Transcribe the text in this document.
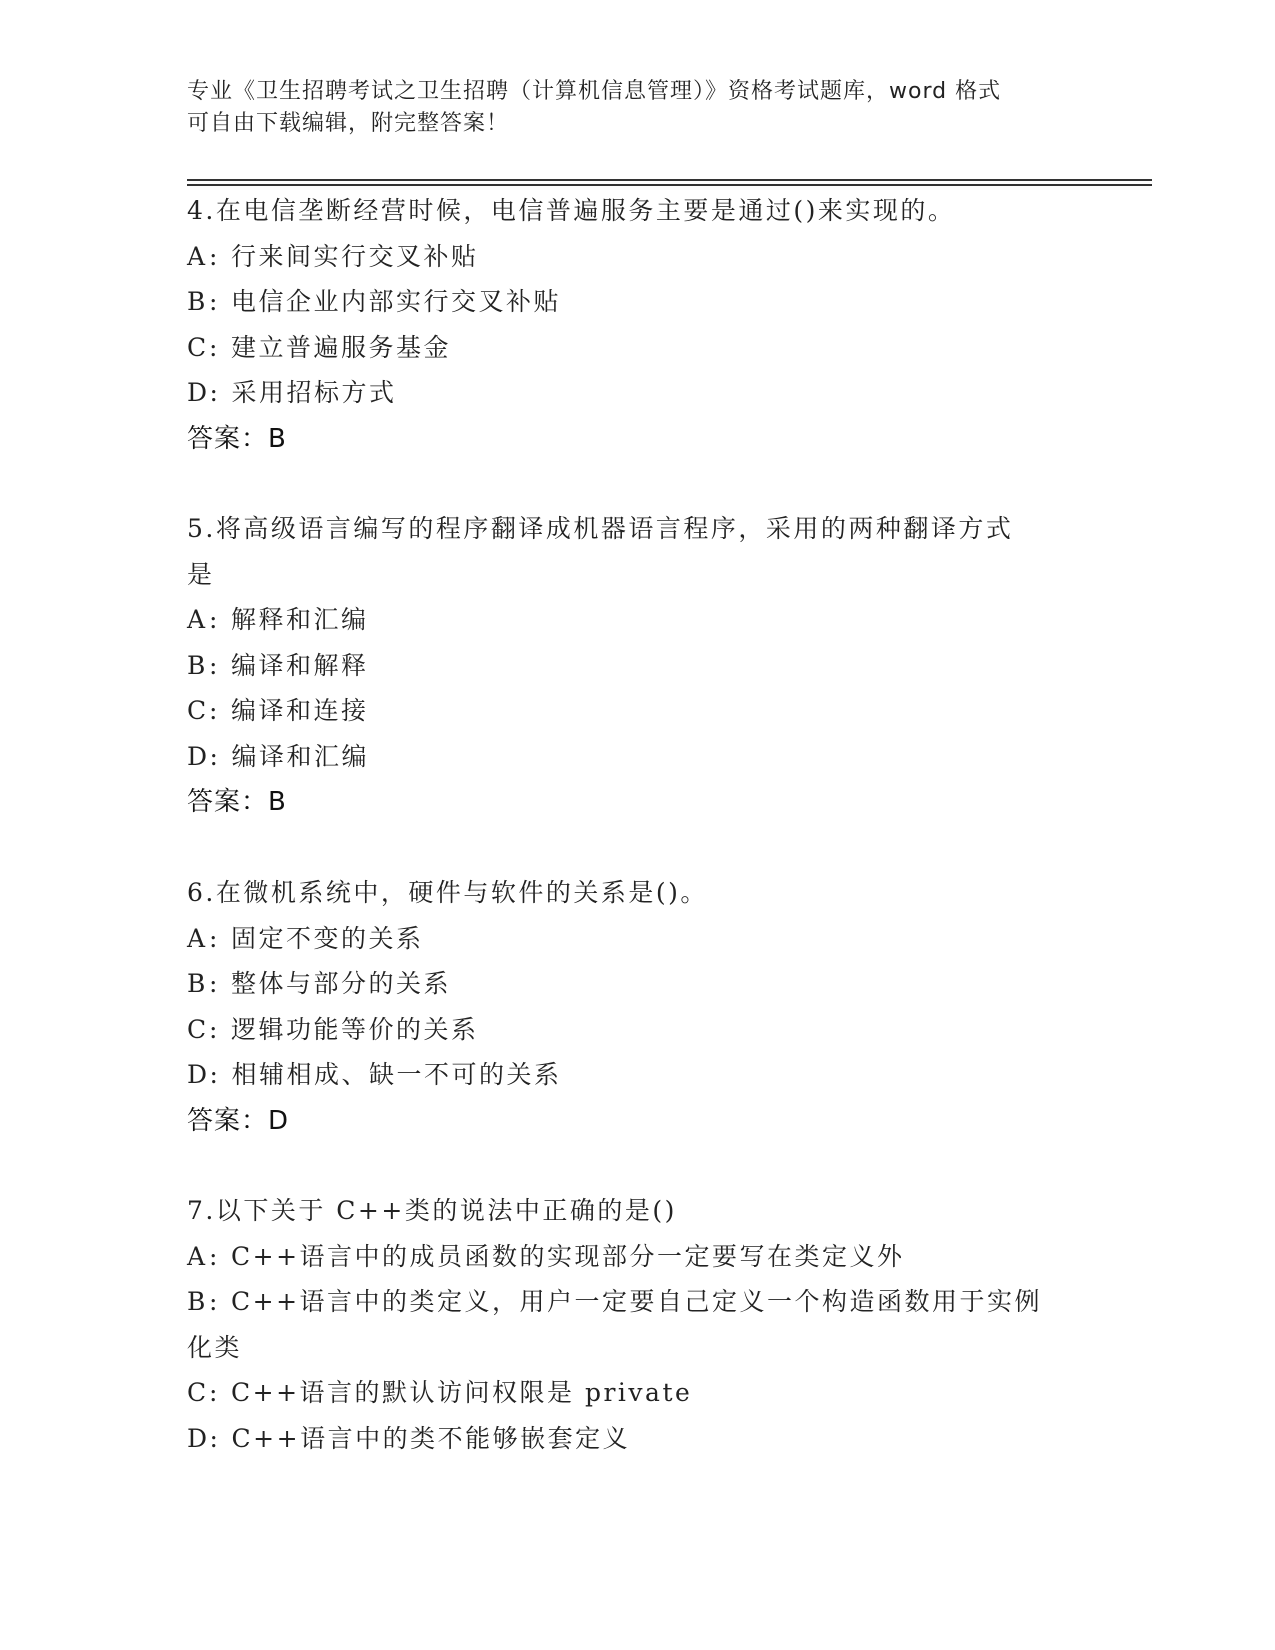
专业《卫生招聘考试之卫生招聘（计算机信息管理）》资格考试题库，word 格式
可自由下载编辑，附完整答案！
4.在电信垄断经营时候，电信普遍服务主要是通过()来实现的。
A: 行来间实行交叉补贴
B: 电信企业内部实行交叉补贴
C: 建立普遍服务基金
D: 采用招标方式
答案：B
5.将高级语言编写的程序翻译成机器语言程序，采用的两种翻译方式
是
A: 解释和汇编
B: 编译和解释
C: 编译和连接
D: 编译和汇编
答案：B
6.在微机系统中，硬件与软件的关系是()。
A: 固定不变的关系
B: 整体与部分的关系
C: 逻辑功能等价的关系
D: 相辅相成、缺一不可的关系
答案：D
7.以下关于 C++类的说法中正确的是()
A: C++语言中的成员函数的实现部分一定要写在类定义外
B: C++语言中的类定义，用户一定要自己定义一个构造函数用于实例
化类
C: C++语言的默认访问权限是 private
D: C++语言中的类不能够嵌套定义
